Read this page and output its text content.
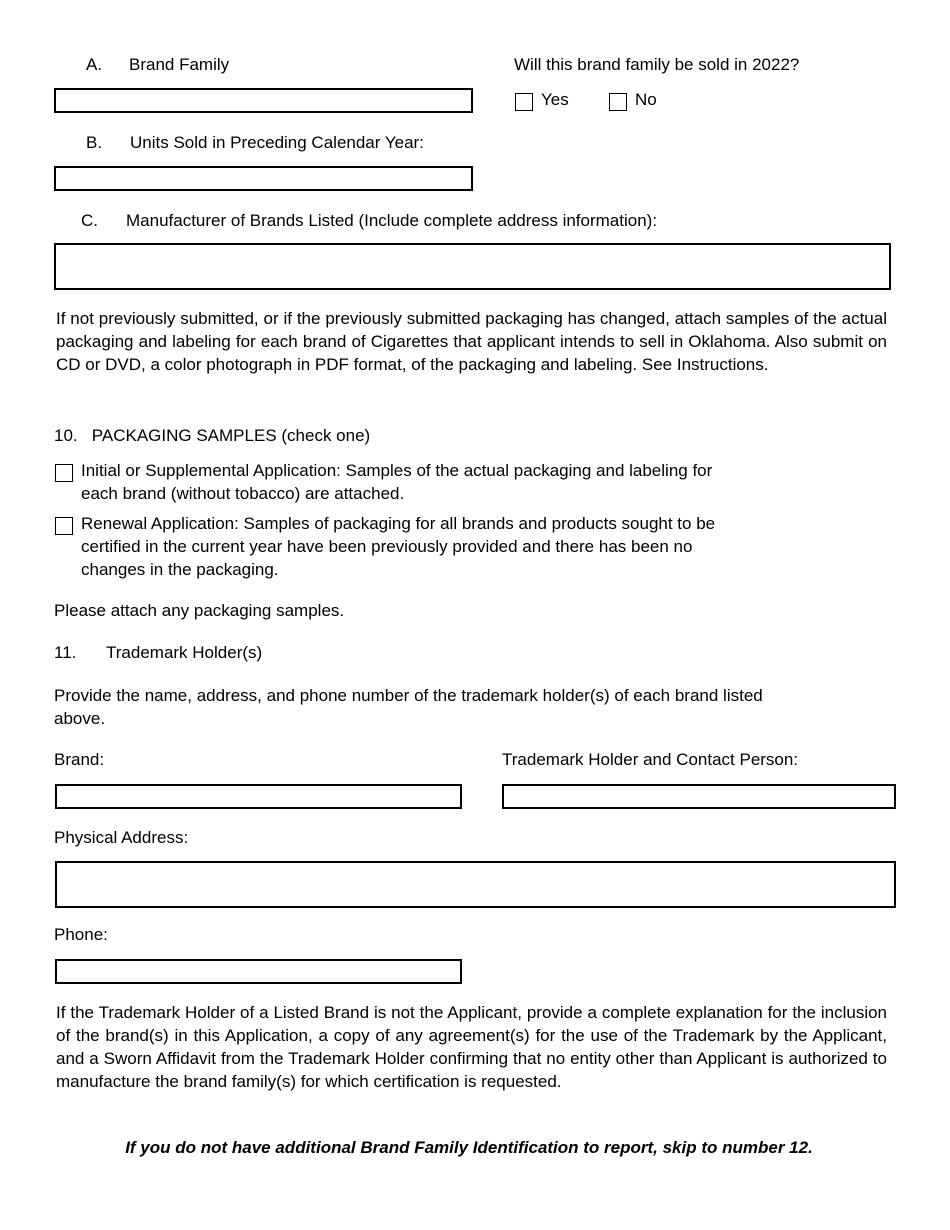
A. Brand Family	Will this brand family be sold in 2022?
Yes	No
B. Units Sold in Preceding Calendar Year:
C. Manufacturer of Brands Listed (Include complete address information):
If not previously submitted, or if the previously submitted packaging has changed, attach samples of the actual packaging and labeling for each brand of Cigarettes that applicant intends to sell in Oklahoma. Also submit on CD or DVD, a color photograph in PDF format, of the packaging and labeling. See Instructions.
10.   PACKAGING SAMPLES (check one)
Initial or Supplemental Application: Samples of the actual packaging and labeling for
each brand (without tobacco) are attached.
Renewal Application: Samples of packaging for all brands and products sought to be
certified in the current year have been previously provided and there has been no
changes in the packaging.
Please attach any packaging samples.
11. Trademark Holder(s)
Provide the name, address, and phone number of the trademark holder(s) of each brand listed
above.
Brand:	Trademark Holder and Contact Person:
Physical Address:
Phone:
If the Trademark Holder of a Listed Brand is not the Applicant, provide a complete explanation for the inclusion of the brand(s) in this Application, a copy of any agreement(s) for the use of the Trademark by the Applicant, and a Sworn Affidavit from the Trademark Holder confirming that no entity other than Applicant is authorized to manufacture the brand family(s) for which certification is requested.
If you do not have additional Brand Family Identification to report, skip to number 12.
